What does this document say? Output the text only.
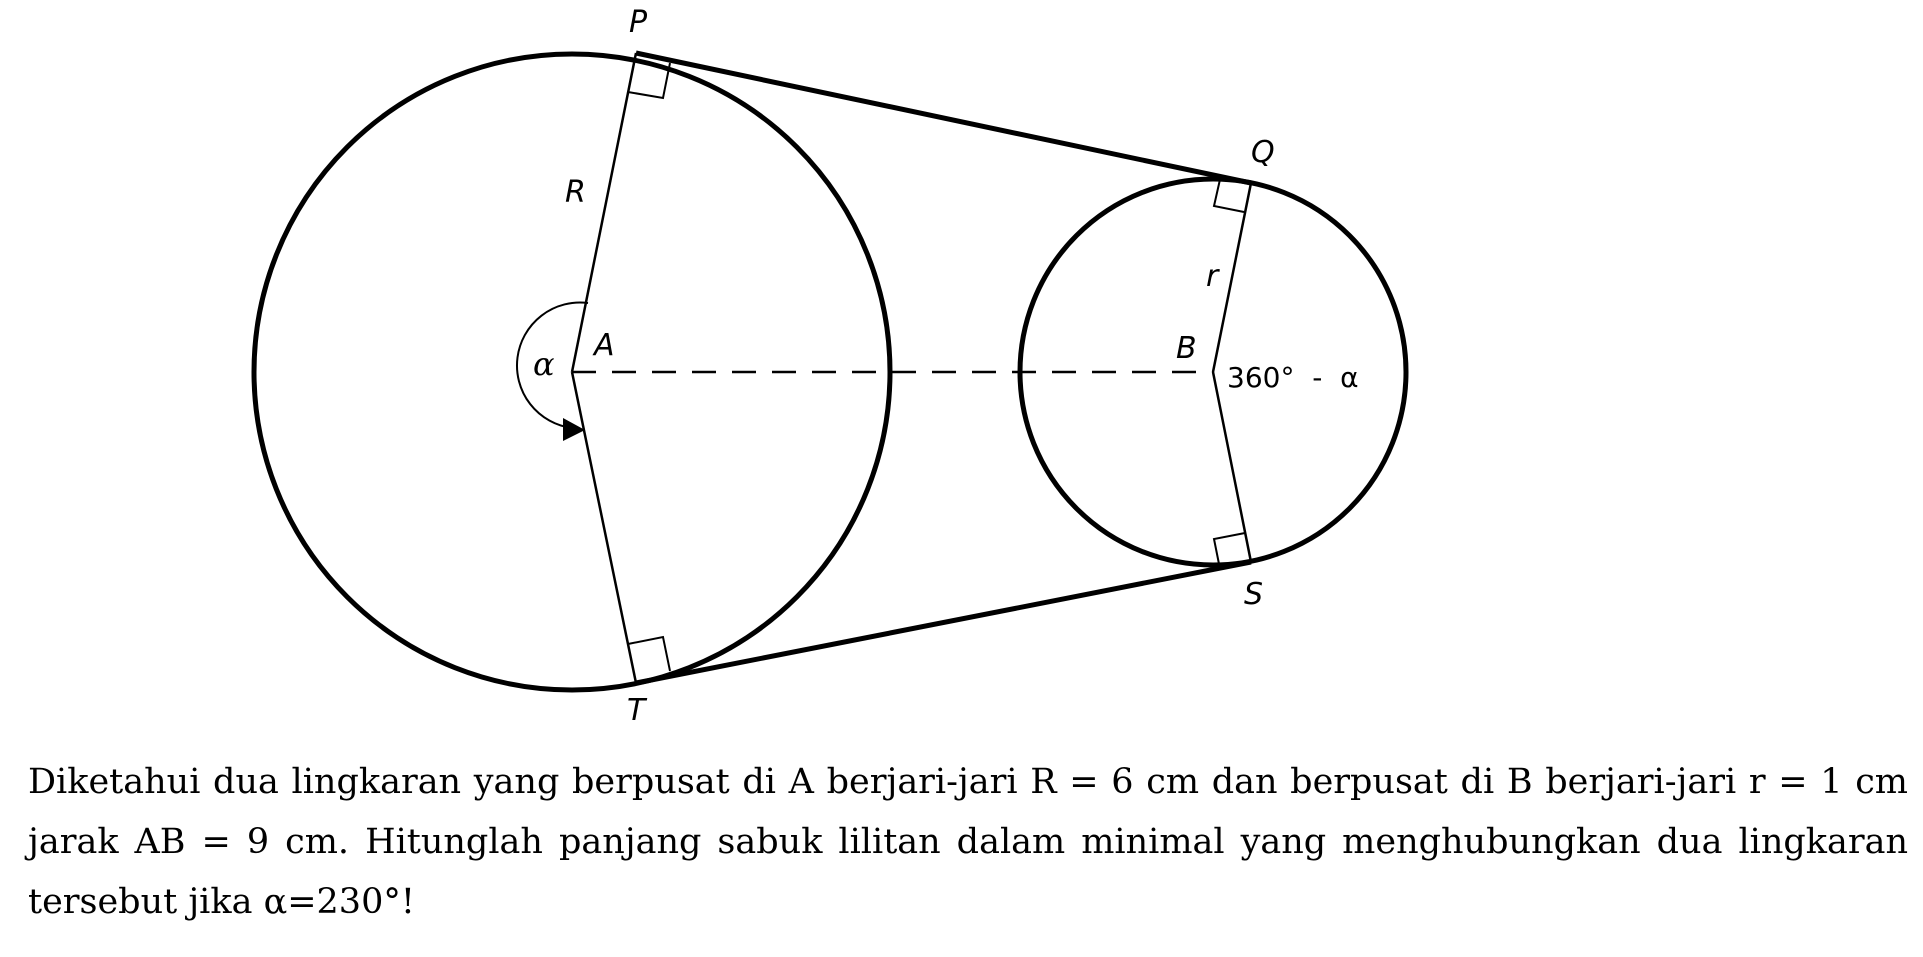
P
Q
R
r
A	B
S
T
α	360°  -  α

Diketahui dua lingkaran yang berpusat di A berjari-jari R = 6 cm dan berpusat di B berjari-jari r = 1 cm jarak AB = 9 cm. Hitunglah panjang sabuk lilitan dalam minimal yang menghubungkan dua lingkaran tersebut jika α=230°!
